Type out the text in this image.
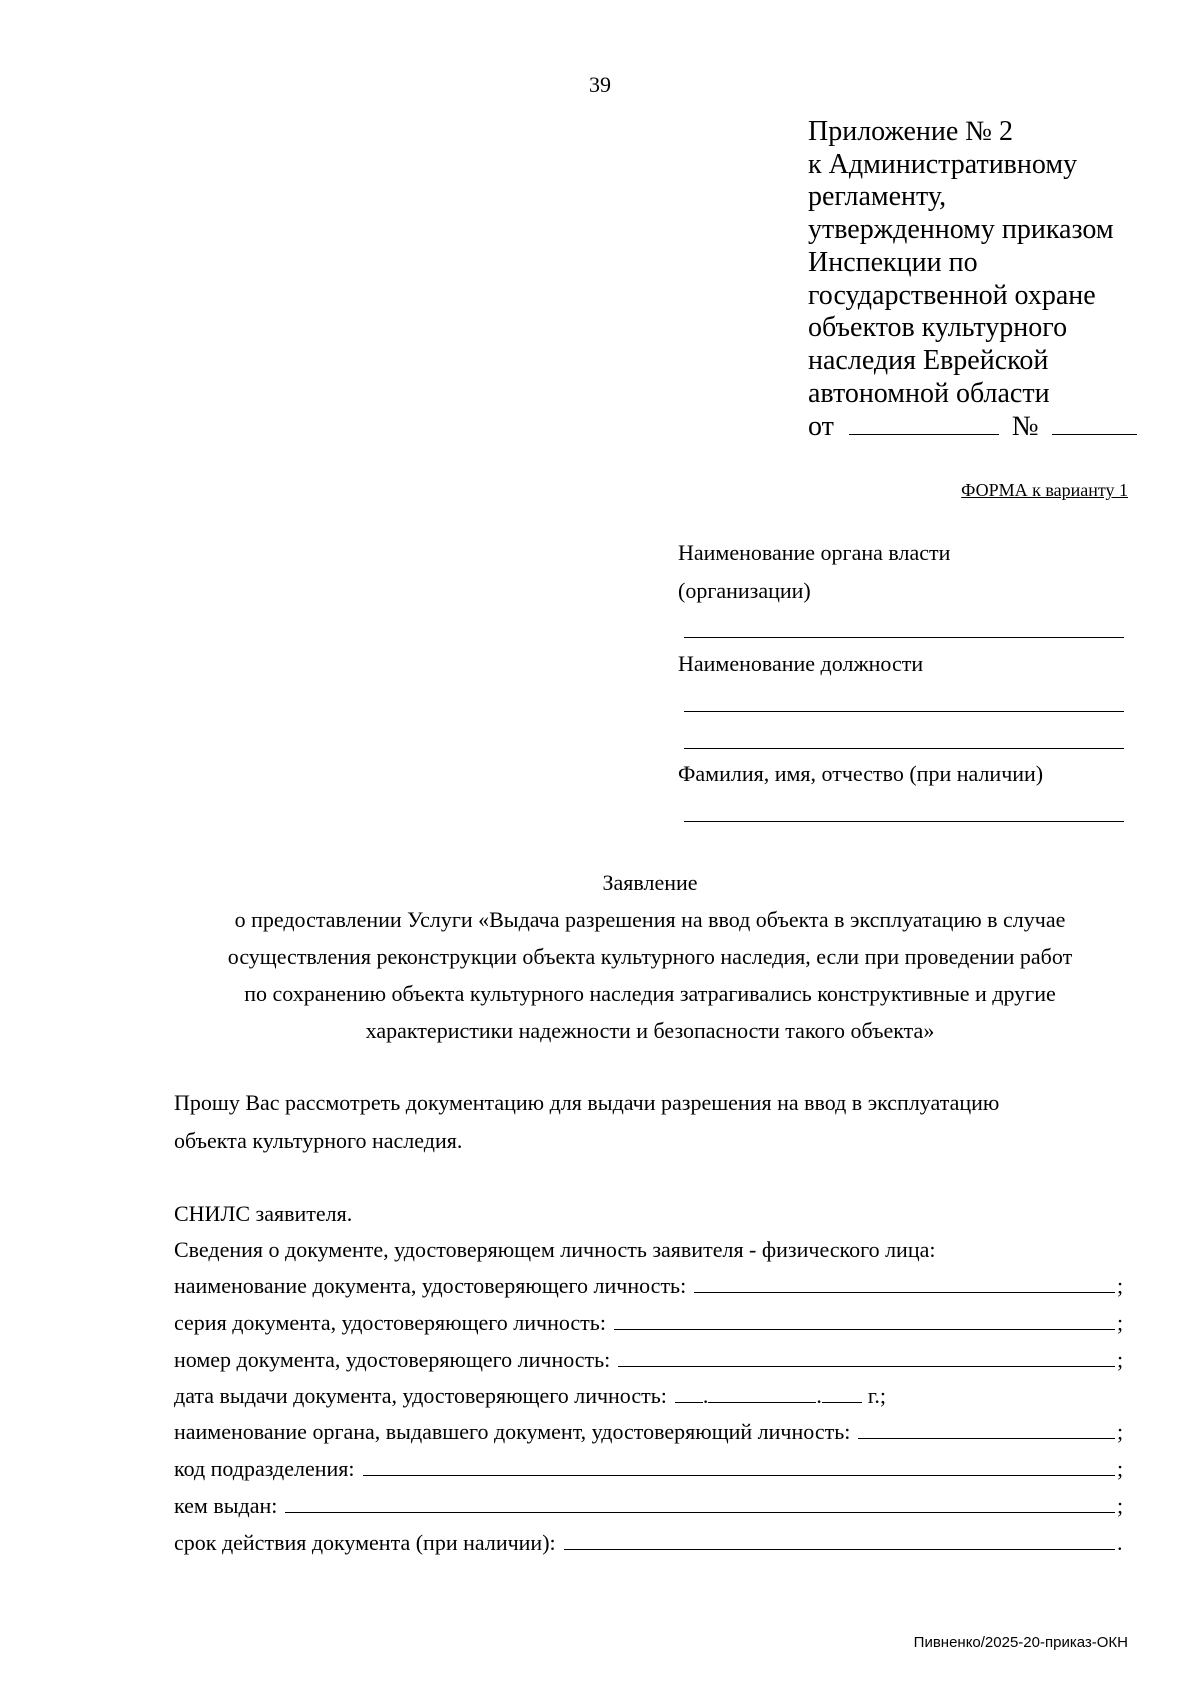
39
Приложение № 2
к Административному
регламенту,
утвержденному приказом
Инспекции по
государственной охране
объектов культурного
наследия Еврейской
автономной области
от	№
ФОРМА к варианту 1
Наименование органа власти
(организации)
Наименование должности
Фамилия, имя, отчество (при наличии)
Заявление
о предоставлении Услуги «Выдача разрешения на ввод объекта в эксплуатацию в случае
осуществления реконструкции объекта культурного наследия, если при проведении работ
по сохранению объекта культурного наследия затрагивались конструктивные и другие
характеристики надежности и безопасности такого объекта»
Прошу Вас рассмотреть документацию для выдачи разрешения на ввод в эксплуатацию
объекта культурного наследия.
СНИЛС заявителя.
Сведения о документе, удостоверяющем личность заявителя - физического лица:
наименование документа, удостоверяющего личность:	;
серия документа, удостоверяющего личность:	;
номер документа, удостоверяющего личность:	;
дата выдачи документа, удостоверяющего личность: .	. г.;
наименование органа, выдавшего документ, удостоверяющий личность:	;
код подразделения:	;
кем выдан:	;
срок действия документа (при наличии):	.
Пивненко/2025-20-приказ-ОКН
